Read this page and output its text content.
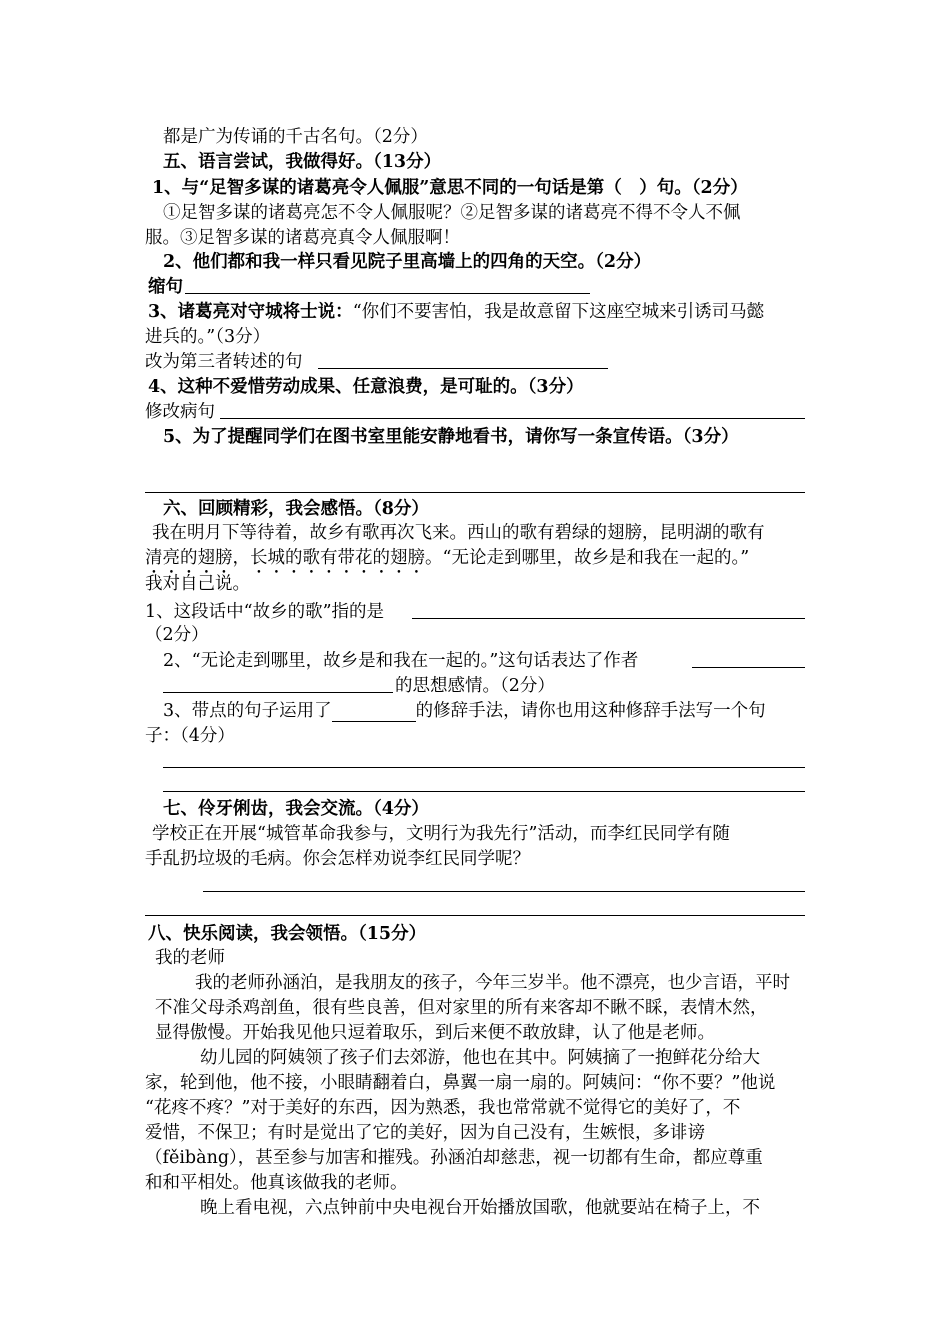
都是广为传诵的千古名句。（2分）
五、语言尝试，我做得好。（13分）
1、与“足智多谋的诸葛亮令人佩服”意思不同的一句话是第（　）句。（2分）
①足智多谋的诸葛亮怎不令人佩服呢？②足智多谋的诸葛亮不得不令人不佩
服。③足智多谋的诸葛亮真令人佩服啊！
2、他们都和我一样只看见院子里高墙上的四角的天空。（2分）
缩句
3、诸葛亮对守城将士说：“你们不要害怕，我是故意留下这座空城来引诱司马懿
进兵的。”（3分）
改为第三者转述的句
4、这种不爱惜劳动成果、任意浪费，是可耻的。（3分）
修改病句
5、为了提醒同学们在图书室里能安静地看书，请你写一条宣传语。（3分）
六、回顾精彩，我会感悟。（8分）
我在明月下等待着，故乡有歌再次飞来。西山的歌有碧绿的翅膀，昆明湖的歌有
清亮的翅膀，长城的歌有带花的翅膀。“无论走到哪里，故乡是和我在一起的。”
我对自己说。
1、这段话中“故乡的歌”指的是
（2分）
2、“无论走到哪里，故乡是和我在一起的。”这句话表达了作者
的思想感情。（2分）
3、带点的句子运用了	的修辞手法，请你也用这种修辞手法写一个句
子：（4分）
七、伶牙俐齿，我会交流。（4分）
学校正在开展“城管革命我参与，文明行为我先行”活动，而李红民同学有随
手乱扔垃圾的毛病。你会怎样劝说李红民同学呢？
八、快乐阅读，我会领悟。（15分）
我的老师
我的老师孙涵泊，是我朋友的孩子，今年三岁半。他不漂亮，也少言语，平时
不准父母杀鸡剖鱼，很有些良善，但对家里的所有来客却不瞅不睬，表情木然，
显得傲慢。开始我见他只逗着取乐，到后来便不敢放肆，认了他是老师。
幼儿园的阿姨领了孩子们去郊游，他也在其中。阿姨摘了一抱鲜花分给大
家，轮到他，他不接，小眼睛翻着白，鼻翼一扇一扇的。阿姨问：“你不要？”他说
“花疼不疼？”对于美好的东西，因为熟悉，我也常常就不觉得它的美好了，不
爱惜，不保卫；有时是觉出了它的美好，因为自己没有，生嫉恨，多诽谤
（fěibàng），甚至参与加害和摧残。孙涵泊却慈悲，视一切都有生命，都应尊重
和和平相处。他真该做我的老师。
晚上看电视，六点钟前中央电视台开始播放国歌，他就要站在椅子上，不
